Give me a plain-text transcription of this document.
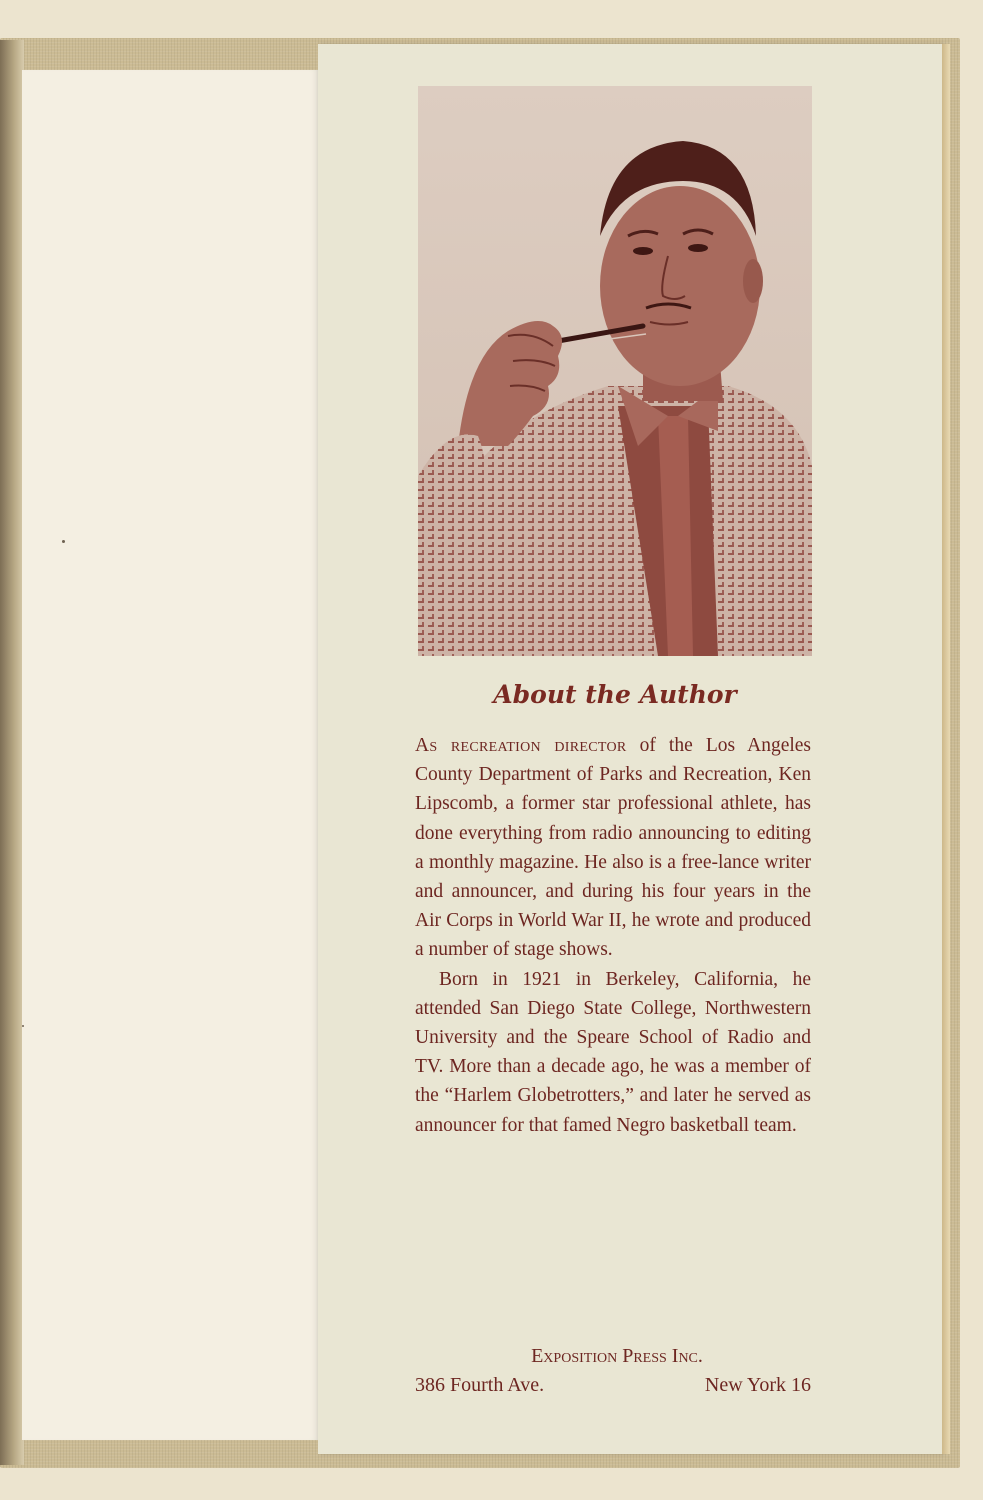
About the Author

As recreation director of the Los Angeles County Department of Parks and Recreation, Ken Lipscomb, a former star professional athlete, has done everything from radio announcing to editing a monthly magazine. He also is a free-lance writer and announcer, and during his four years in the Air Corps in World War II, he wrote and produced a number of stage shows.

Born in 1921 in Berkeley, California, he attended San Diego State College, Northwestern University and the Speare School of Radio and TV. More than a decade ago, he was a member of the “Harlem Globetrotters,” and later he served as announcer for that famed Negro basketball team.

Exposition Press Inc.
386 Fourth Ave.	New York 16
